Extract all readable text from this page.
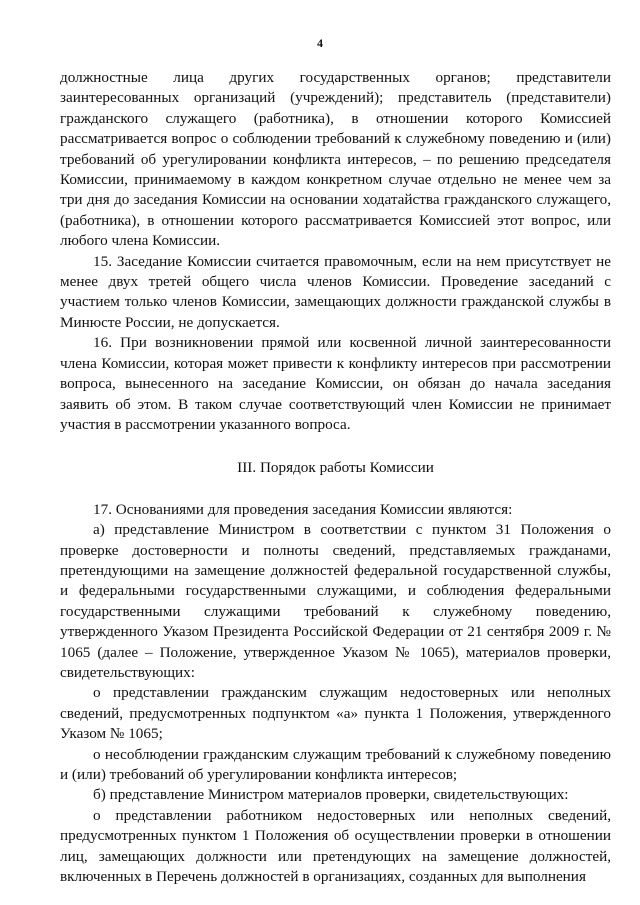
4

должностные лица других государственных органов; представители заинтересованных организаций (учреждений); представитель (представители) гражданского служащего (работника), в отношении которого Комиссией рассматривается вопрос о соблюдении требований к служебному поведению и (или) требований об урегулировании конфликта интересов, – по решению председателя Комиссии, принимаемому в каждом конкретном случае отдельно не менее чем за три дня до заседания Комиссии на основании ходатайства гражданского служащего, (работника), в отношении которого рассматривается Комиссией этот вопрос, или любого члена Комиссии.

15. Заседание Комиссии считается правомочным, если на нем присутствует не менее двух третей общего числа членов Комиссии. Проведение заседаний с участием только членов Комиссии, замещающих должности гражданской службы в Минюсте России, не допускается.

16. При возникновении прямой или косвенной личной заинтересованности члена Комиссии, которая может привести к конфликту интересов при рассмотрении вопроса, вынесенного на заседание Комиссии, он обязан до начала заседания заявить об этом. В таком случае соответствующий член Комиссии не принимает участия в рассмотрении указанного вопроса.

III. Порядок работы Комиссии

17. Основаниями для проведения заседания Комиссии являются:

а) представление Министром в соответствии с пунктом 31 Положения о проверке достоверности и полноты сведений, представляемых гражданами, претендующими на замещение должностей федеральной государственной службы, и федеральными государственными служащими, и соблюдения федеральными государственными служащими требований к служебному поведению, утвержденного Указом Президента Российской Федерации от 21 сентября 2009 г. № 1065 (далее – Положение, утвержденное Указом № 1065), материалов проверки, свидетельствующих:

о представлении гражданским служащим недостоверных или неполных сведений, предусмотренных подпунктом «а» пункта 1 Положения, утвержденного Указом № 1065;

о несоблюдении гражданским служащим требований к служебному поведению и (или) требований об урегулировании конфликта интересов;

б) представление Министром материалов проверки, свидетельствующих:

о представлении работником недостоверных или неполных сведений, предусмотренных пунктом 1 Положения об осуществлении проверки в отношении лиц, замещающих должности или претендующих на замещение должностей, включенных в Перечень должностей в организациях, созданных для выполнения
